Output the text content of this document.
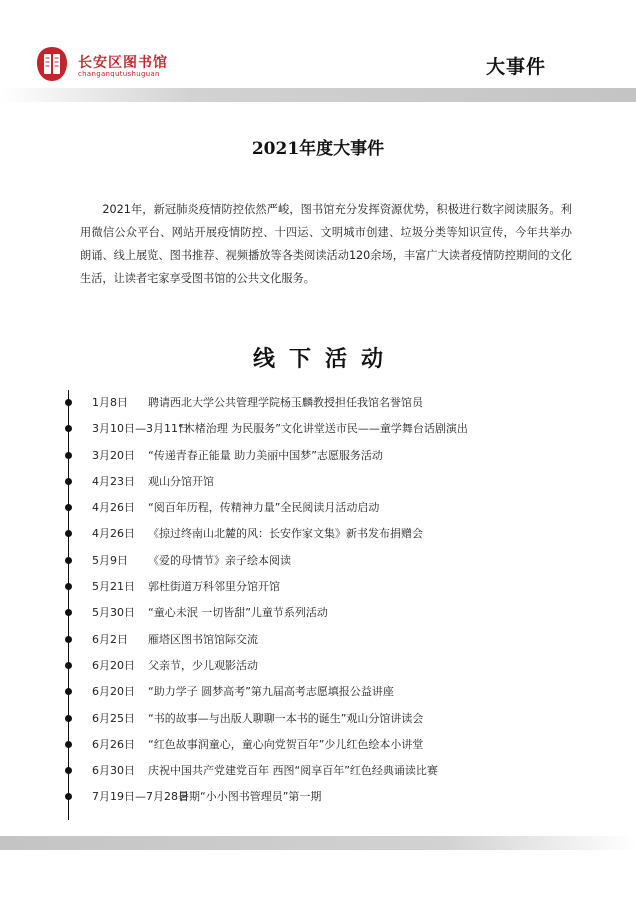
长安区图书馆
changanqutushuguan	大事件
2021年度大事件

2021年，新冠肺炎疫情防控依然严峻，图书馆充分发挥资源优势，积极进行数字阅读服务。利用微信公众平台、网站开展疫情防控、十四运、文明城市创建、垃圾分类等知识宣传，今年共举办朗诵、线上展览、图书推荐、视频播放等各类阅读活动120余场，丰富广大读者疫情防控期间的文化生活，让读者宅家享受图书馆的公共文化服务。

线下活动
1月8日 聘请西北大学公共管理学院杨玉麟教授担任我馆名誉馆员
3月10日—3月11日
“木楮治理 为民服务”文化讲堂送市民——童学舞台话剧演出
3月20日 “传递青春正能量 助力美丽中国梦”志愿服务活动
4月23日 观山分馆开馆
4月26日 “阅百年历程，传精神力量”全民阅读月活动启动
4月26日 《掠过终南山北麓的风：长安作家文集》新书发布捐赠会
5月9日 《爱的母情节》亲子绘本阅读
5月21日 郭杜街道万科邻里分馆开馆
5月30日 “童心未泯 一切皆甜”儿童节系列活动
6月2日 雁塔区图书馆馆际交流
6月20日 父亲节，少儿观影活动
6月20日 “助力学子 圆梦高考”第九届高考志愿填报公益讲座
6月25日 “书的故事—与出版人聊聊一本书的诞生”观山分馆讲读会
6月26日 “红色故事润童心，童心向党贺百年”少儿红色绘本小讲堂
6月30日 庆祝中国共产党建党百年 西图“阅享百年”红色经典诵读比赛
7月19日—7月28日
暑期“小小图书管理员”第一期
